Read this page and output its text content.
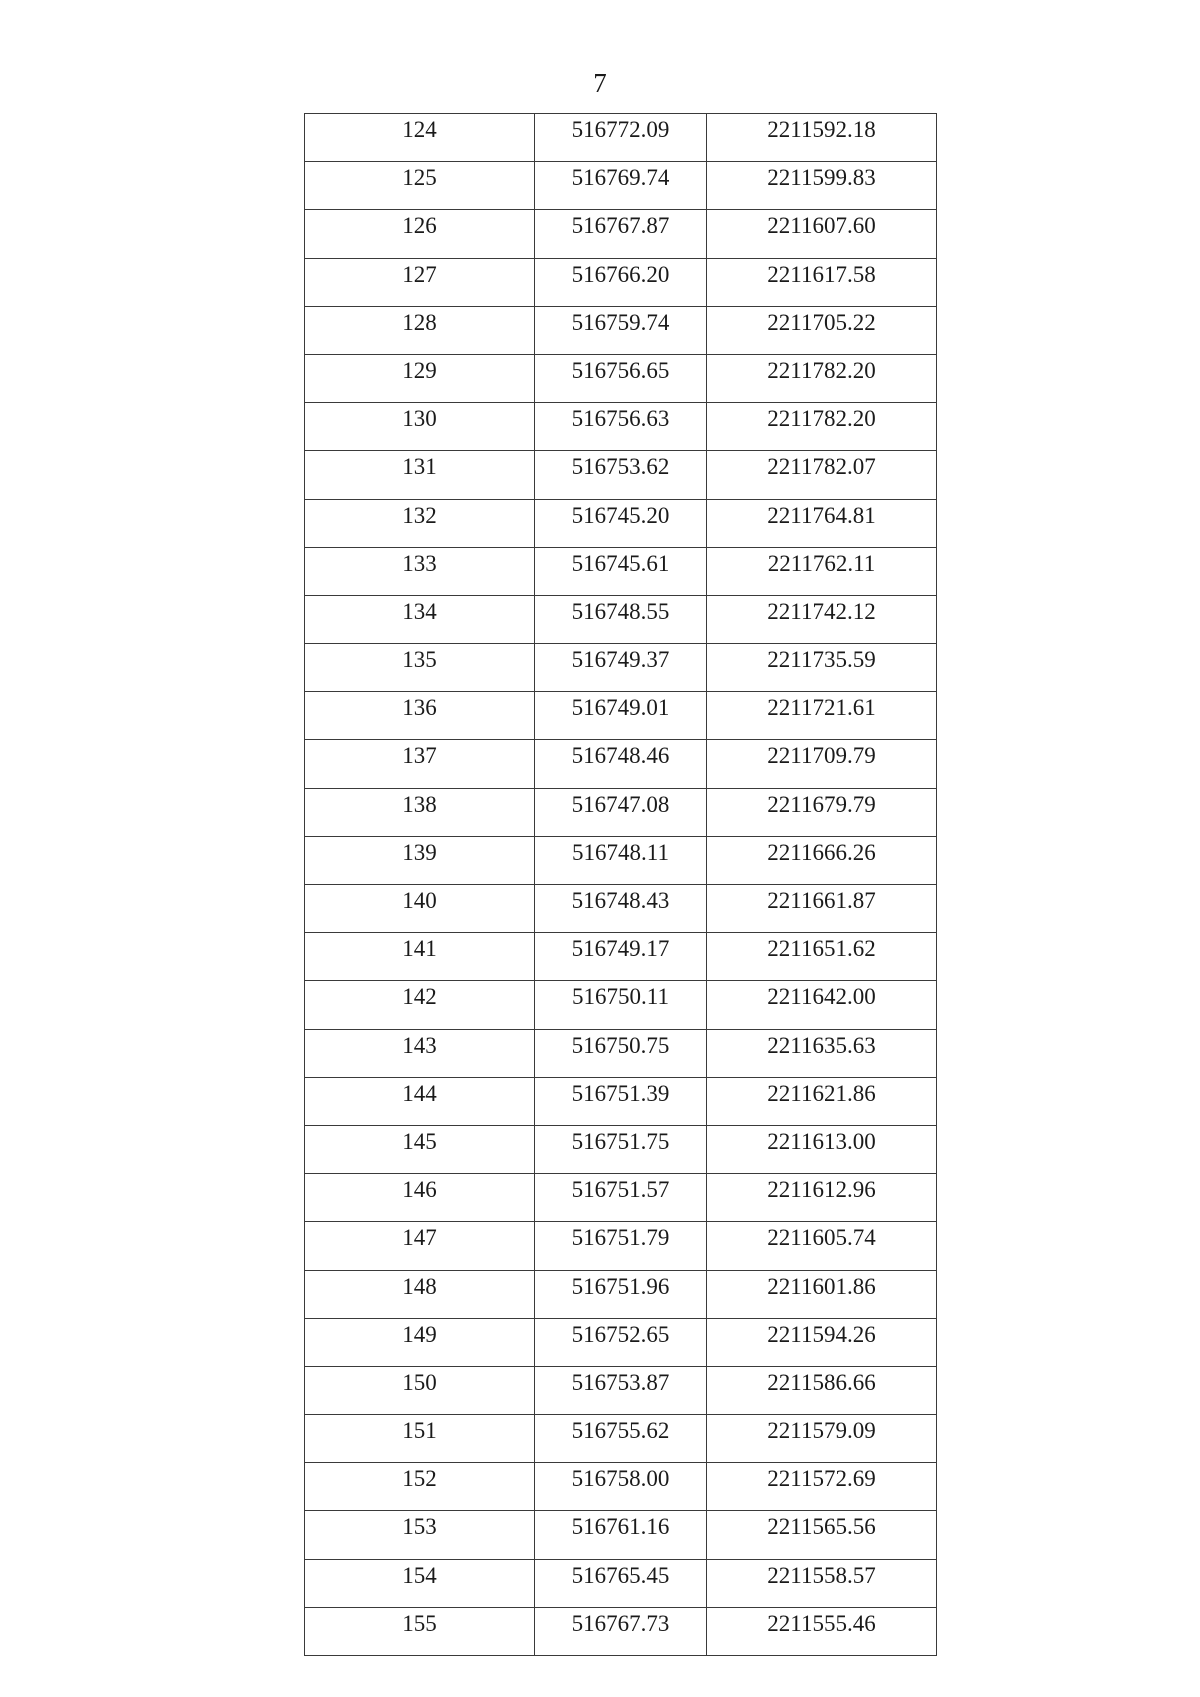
7
124	516772.09	2211592.18
125	516769.74	2211599.83
126	516767.87	2211607.60
127	516766.20	2211617.58
128	516759.74	2211705.22
129	516756.65	2211782.20
130	516756.63	2211782.20
131	516753.62	2211782.07
132	516745.20	2211764.81
133	516745.61	2211762.11
134	516748.55	2211742.12
135	516749.37	2211735.59
136	516749.01	2211721.61
137	516748.46	2211709.79
138	516747.08	2211679.79
139	516748.11	2211666.26
140	516748.43	2211661.87
141	516749.17	2211651.62
142	516750.11	2211642.00
143	516750.75	2211635.63
144	516751.39	2211621.86
145	516751.75	2211613.00
146	516751.57	2211612.96
147	516751.79	2211605.74
148	516751.96	2211601.86
149	516752.65	2211594.26
150	516753.87	2211586.66
151	516755.62	2211579.09
152	516758.00	2211572.69
153	516761.16	2211565.56
154	516765.45	2211558.57
155	516767.73	2211555.46
